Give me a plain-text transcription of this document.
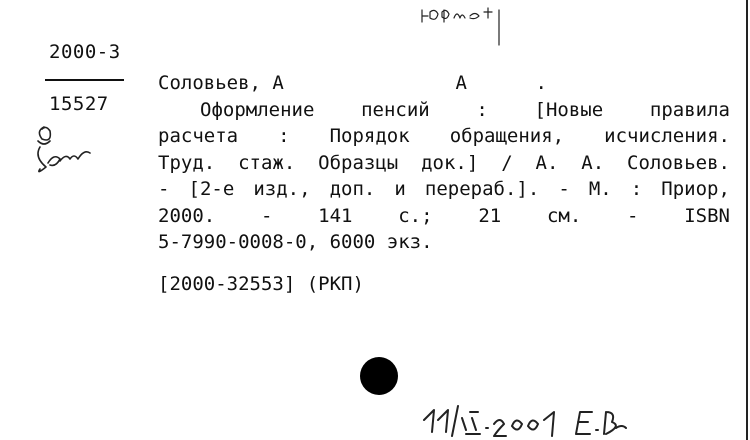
2000-3
15527
Соловьев, А	А	.
Оформление пенсий : [Новые правила
расчета : Порядок обращения, исчисления.
Труд. стаж. Образцы док.] / А. А. Соловьев.
- [2-е изд., доп. и перераб.]. - М. : Приор,
2000. - 141 с.; 21 см. - ISBN
5-7990-0008-0, 6000 экз.
[2000-32553] (РКП)
